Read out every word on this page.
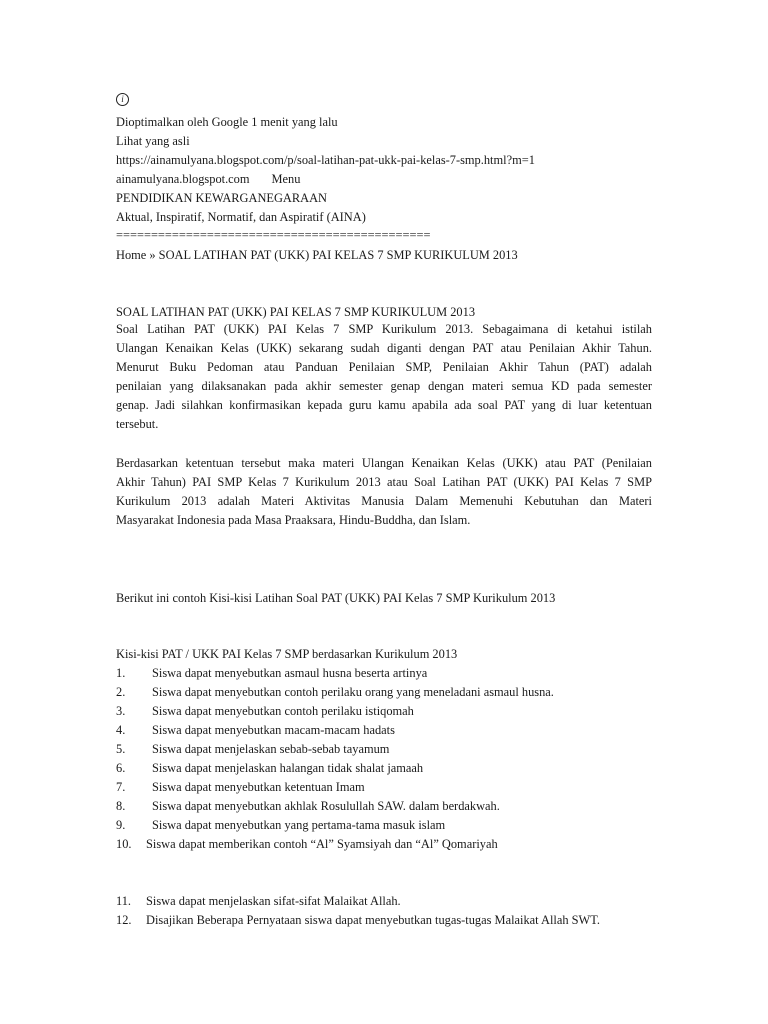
i
Dioptimalkan oleh Google 1 menit yang lalu
Lihat yang asli
https://ainamulyana.blogspot.com/p/soal-latihan-pat-ukk-pai-kelas-7-smp.html?m=1
ainamulyana.blogspot.com Menu
PENDIDIKAN KEWARGANEGARAAN
Aktual, Inspiratif, Normatif, dan Aspiratif (AINA)
=============================================
Home » SOAL LATIHAN PAT (UKK) PAI KELAS 7 SMP KURIKULUM 2013
SOAL LATIHAN PAT (UKK) PAI KELAS 7 SMP KURIKULUM 2013
Soal Latihan PAT (UKK) PAI Kelas 7 SMP Kurikulum 2013. Sebagaimana di ketahui istilah
Ulangan Kenaikan Kelas (UKK) sekarang sudah diganti dengan PAT atau Penilaian Akhir Tahun.
Menurut Buku Pedoman atau Panduan Penilaian SMP, Penilaian Akhir Tahun (PAT) adalah
penilaian yang dilaksanakan pada akhir semester genap dengan materi semua KD pada semester
genap. Jadi silahkan konfirmasikan kepada guru kamu apabila ada soal PAT yang di luar ketentuan
tersebut.
Berdasarkan ketentuan tersebut maka materi Ulangan Kenaikan Kelas (UKK) atau PAT (Penilaian
Akhir Tahun) PAI SMP Kelas 7 Kurikulum 2013 atau Soal Latihan PAT (UKK) PAI Kelas 7 SMP
Kurikulum 2013 adalah Materi Aktivitas Manusia Dalam Memenuhi Kebutuhan dan Materi
Masyarakat Indonesia pada Masa Praaksara, Hindu-Buddha, dan Islam.
Berikut ini contoh Kisi-kisi Latihan Soal PAT (UKK) PAI Kelas 7 SMP Kurikulum 2013
Kisi-kisi PAT / UKK PAI Kelas 7 SMP berdasarkan Kurikulum 2013
1. Siswa dapat menyebutkan asmaul husna beserta artinya
2. Siswa dapat menyebutkan contoh perilaku orang yang meneladani asmaul husna.
3. Siswa dapat menyebutkan contoh perilaku istiqomah
4. Siswa dapat menyebutkan macam-macam hadats
5. Siswa dapat menjelaskan sebab-sebab tayamum
6. Siswa dapat menjelaskan halangan tidak shalat jamaah
7. Siswa dapat menyebutkan ketentuan Imam
8. Siswa dapat menyebutkan akhlak Rosulullah SAW. dalam berdakwah.
9. Siswa dapat menyebutkan yang pertama-tama masuk islam
10. Siswa dapat memberikan contoh “Al” Syamsiyah dan “Al” Qomariyah
11. Siswa dapat menjelaskan sifat-sifat Malaikat Allah.
12. Disajikan Beberapa Pernyataan siswa dapat menyebutkan tugas-tugas Malaikat Allah SWT.
